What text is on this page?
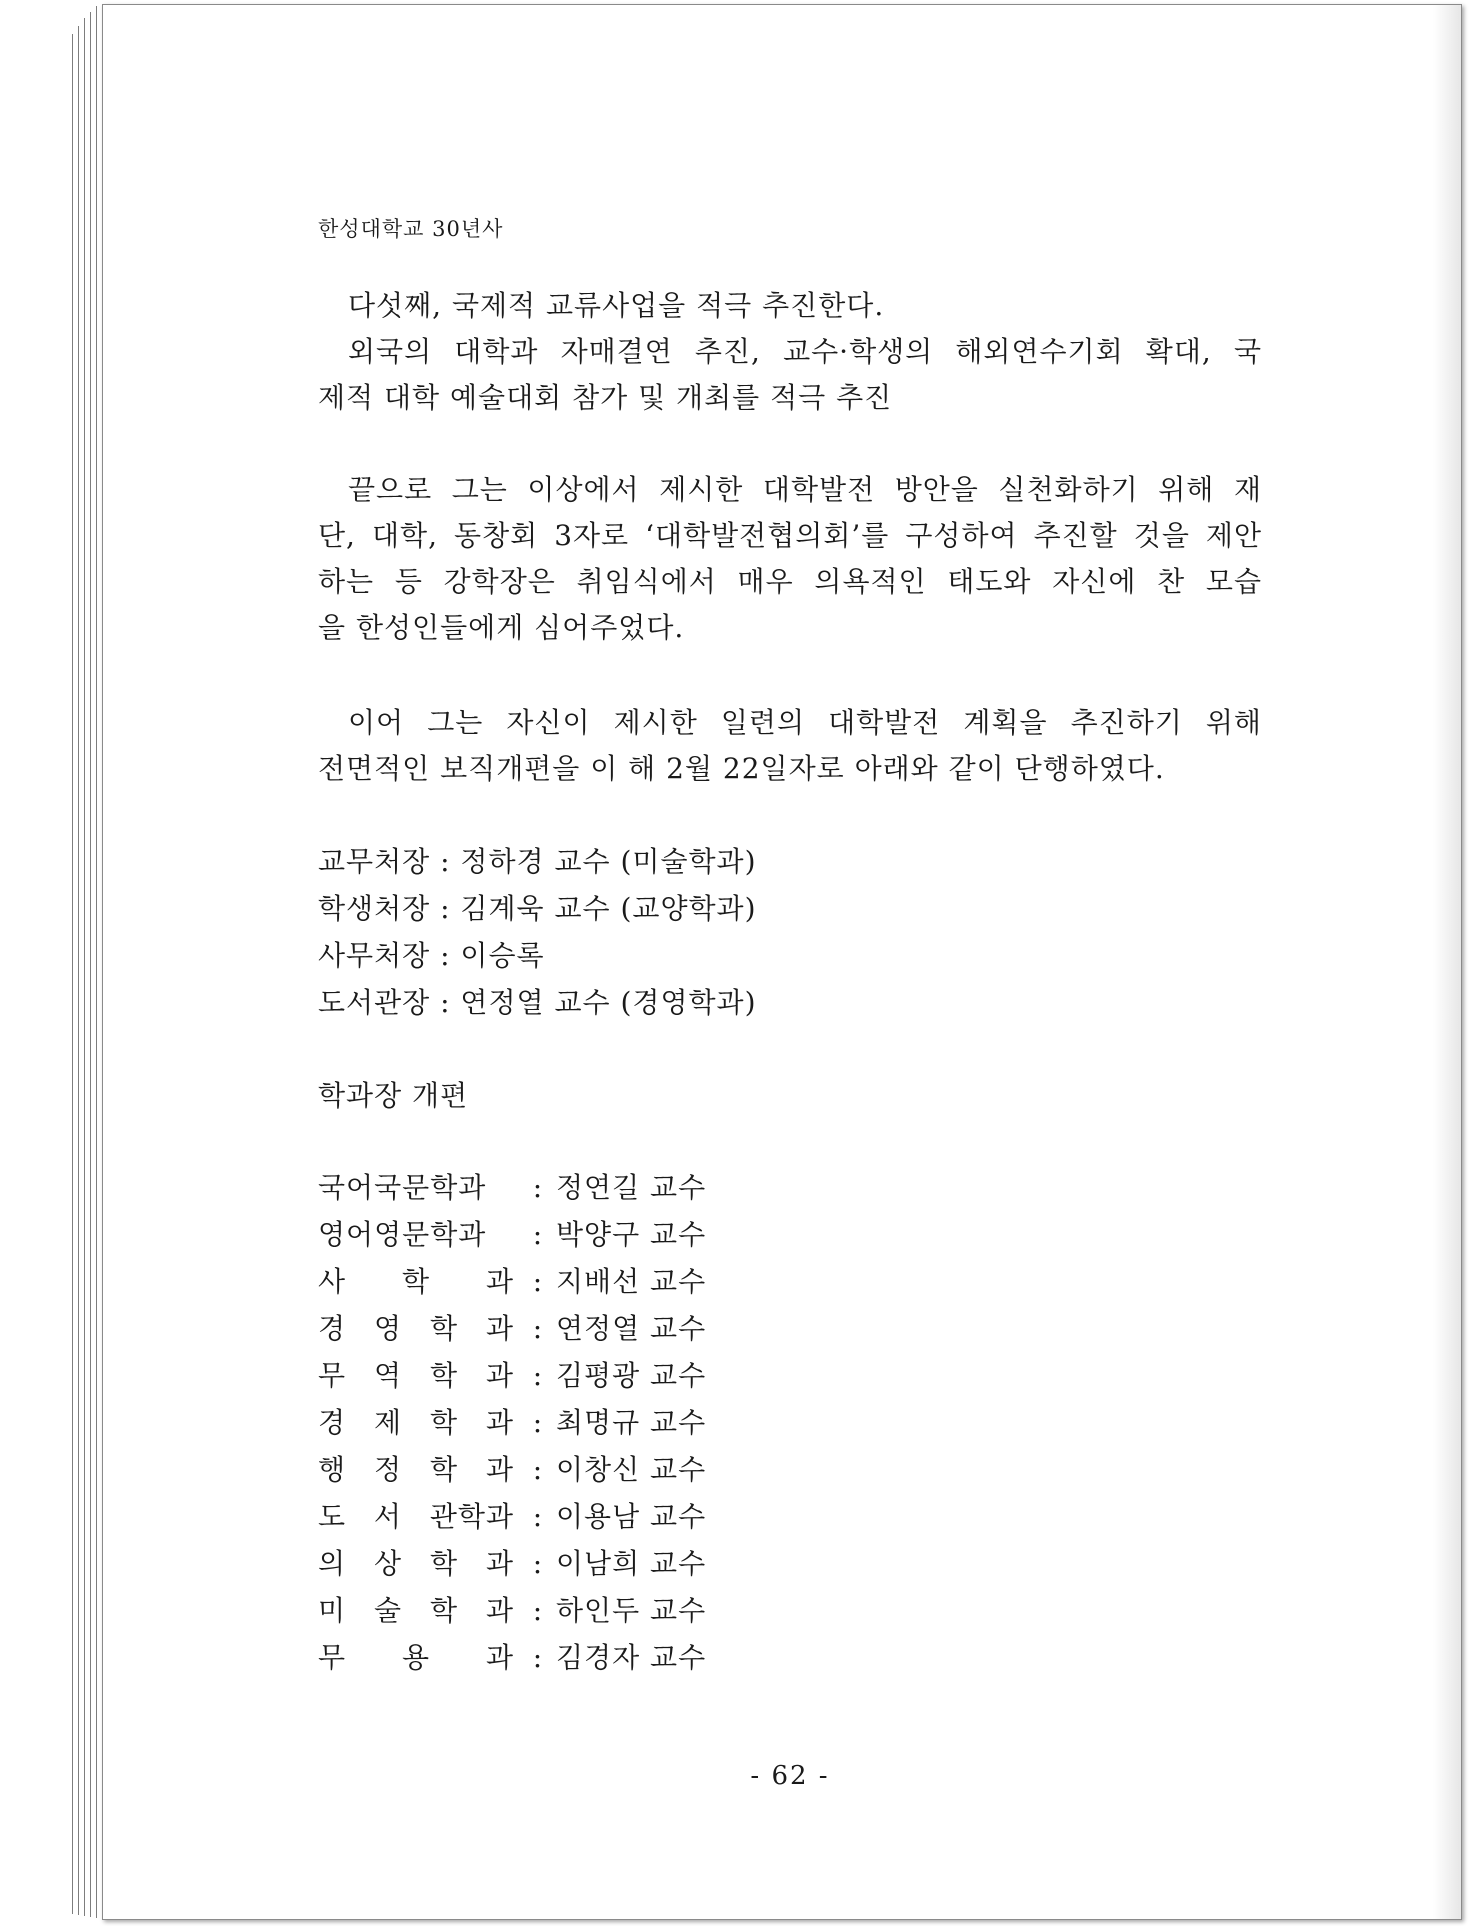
한성대학교 30년사
다섯째, 국제적 교류사업을 적극 추진한다.
외국의 대학과 자매결연 추진, 교수·학생의 해외연수기회 확대, 국
제적 대학 예술대회 참가 및 개최를 적극 추진
끝으로 그는 이상에서 제시한 대학발전 방안을 실천화하기 위해 재
단, 대학, 동창회 3자로 ‘대학발전협의회’를 구성하여 추진할 것을 제안
하는 등 강학장은 취임식에서 매우 의욕적인 태도와 자신에 찬 모습
을 한성인들에게 심어주었다.
이어 그는 자신이 제시한 일련의 대학발전 계획을 추진하기 위해
전면적인 보직개편을 이 해 2월 22일자로 아래와 같이 단행하였다.
교무처장 : 정하경 교수 (미술학과)
학생처장 : 김계욱 교수 (교양학과)
사무처장 : 이승록
도서관장 : 연정열 교수 (경영학과)
학과장 개편
국어국문학과 : 정연길 교수
영어영문학과 : 박양구 교수
사 학 과 : 지배선 교수
경 영 학 과 : 연정열 교수
무 역 학 과 : 김평광 교수
경 제 학 과 : 최명규 교수
행 정 학 과 : 이창신 교수
도 서 관학과 : 이용남 교수
의 상 학 과 : 이남희 교수
미 술 학 과 : 하인두 교수
무 용 과 : 김경자 교수
- 62 -
